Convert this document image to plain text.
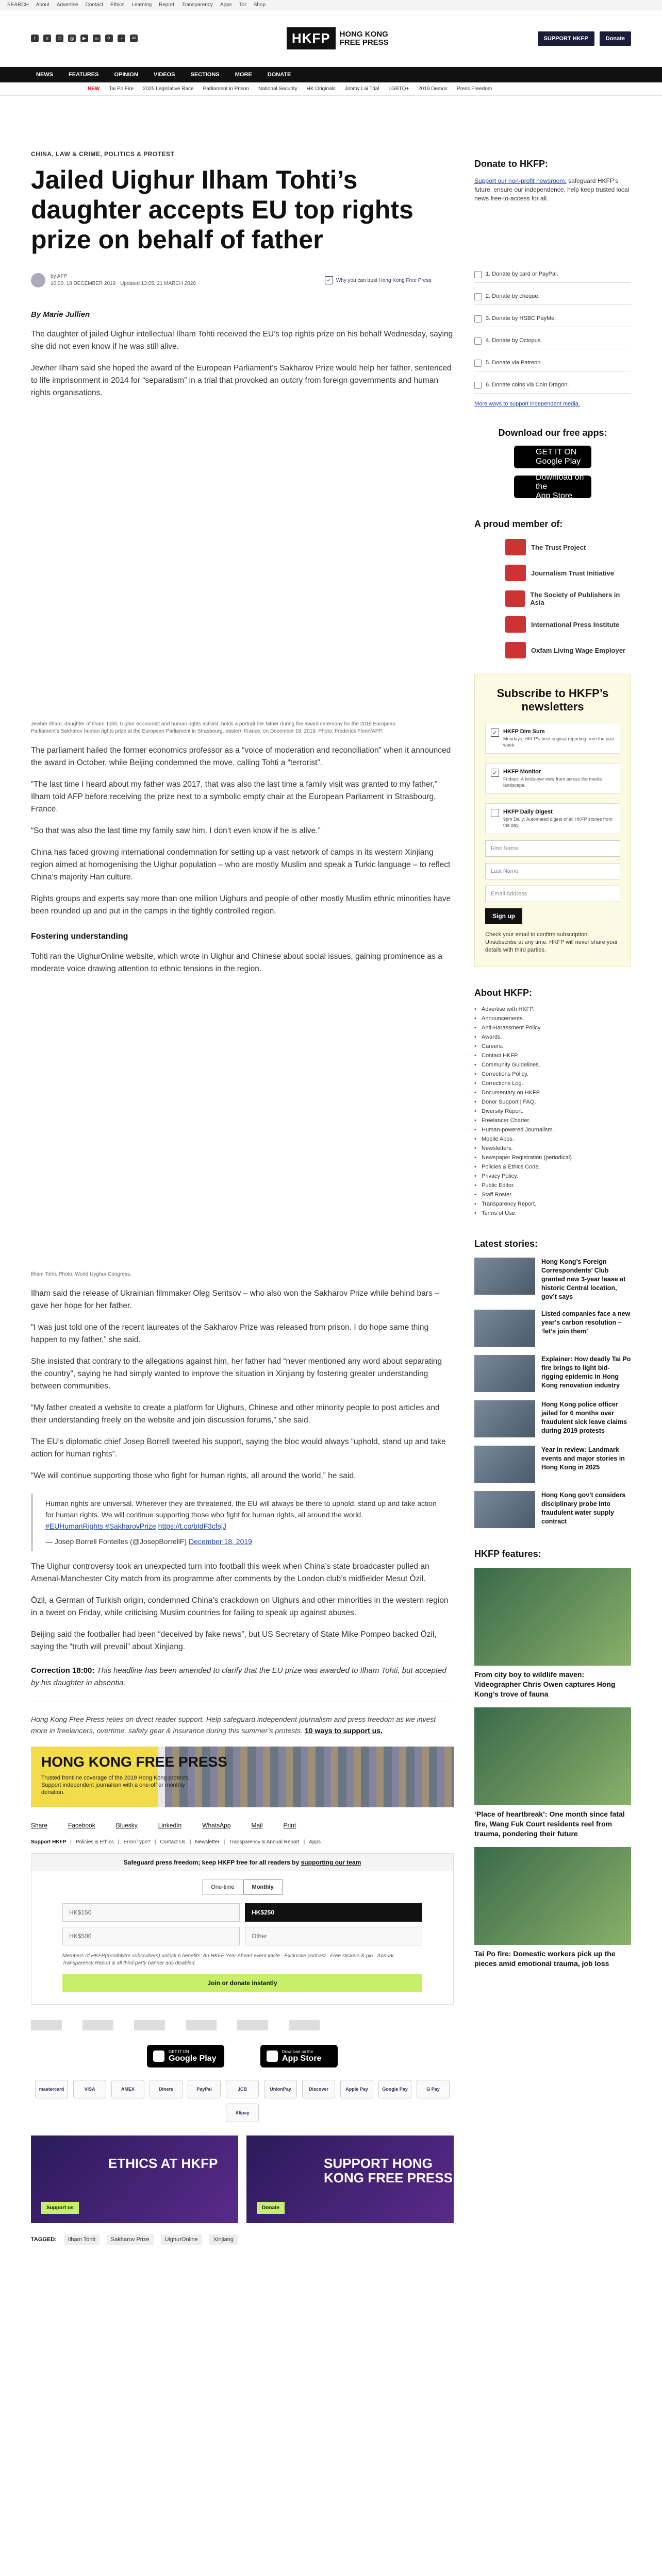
SEARCH About Advertise Contact Ethics Learning Report Transparency Apps Tor Shop
f	X	◎	@	▶	in	✈	◔	✉	HKFP	HONG KONG
FREE PRESS	SUPPORT HKFP	Donate
NEWS	FEATURES	OPINION	VIDEOS	SECTIONS	MORE	DONATE
NEW Tai Po Fire 2025 Legislative Race Parliament in Prison National Security HK Originals Jimmy Lai Trial LGBTQ+ 2019 Demos Press Freedom
CHINA, LAW & CRIME, POLITICS & PROTEST
Jailed Uighur Ilham Tohti’s daughter accepts EU top rights prize on behalf of father
by AFP
10:00, 18 DECEMBER 2019 · Updated 13:05, 21 MARCH 2020
✓ Why you can trust Hong Kong Free Press
By Marie Jullien

The daughter of jailed Uighur intellectual Ilham Tohti received the EU’s top rights prize on his behalf Wednesday, saying she did not even know if he was still alive.

Jewher Ilham said she hoped the award of the European Parliament’s Sakharov Prize would help her father, sentenced to life imprisonment in 2014 for “separatism” in a trial that provoked an outcry from foreign governments and human rights organisations.

Jewher Ilham, daughter of Ilham Tohti, Uighur economist and human rights activist, holds a portrait her father during the award ceremony for the 2019 European Parliament’s Sakharov human rights prize at the European Parliament in Strasbourg, eastern France, on December 18, 2019. Photo: Frederick Florin/AFP.

The parliament hailed the former economics professor as a “voice of moderation and reconciliation” when it announced the award in October, while Beijing condemned the move, calling Tohti a “terrorist”.

“The last time I heard about my father was 2017, that was also the last time a family visit was granted to my father,” Ilham told AFP before receiving the prize next to a symbolic empty chair at the European Parliament in Strasbourg, France.

“So that was also the last time my family saw him. I don’t even know if he is alive.”

China has faced growing international condemnation for setting up a vast network of camps in its western Xinjiang region aimed at homogenising the Uighur population – who are mostly Muslim and speak a Turkic language – to reflect China’s majority Han culture.

Rights groups and experts say more than one million Uighurs and people of other mostly Muslim ethnic minorities have been rounded up and put in the camps in the tightly controlled region.

Fostering understanding

Tohti ran the UighurOnline website, which wrote in Uighur and Chinese about social issues, gaining prominence as a moderate voice drawing attention to ethnic tensions in the region.

Ilham Tohti. Photo: World Uyghur Congress.

Ilham said the release of Ukrainian filmmaker Oleg Sentsov – who also won the Sakharov Prize while behind bars – gave her hope for her father.

“I was just told one of the recent laureates of the Sakharov Prize was released from prison. I do hope same thing happen to my father,” she said.

She insisted that contrary to the allegations against him, her father had “never mentioned any word about separating the country”, saying he had simply wanted to improve the situation in Xinjiang by fostering greater understanding between communities.

“My father created a website to create a platform for Uighurs, Chinese and other minority people to post articles and their understanding freely on the website and join discussion forums,” she said.

The EU’s diplomatic chief Josep Borrell tweeted his support, saying the bloc would always “uphold, stand up and take action for human rights”.

“We will continue supporting those who fight for human rights, all around the world,” he said.

Human rights are universal. Wherever they are threatened, the EU will always be there to uphold, stand up and take action for human rights. We will continue supporting those who fight for human rights, all around the world.

#EUHumanRights #SakharovPrize https://t.co/bIdF3cfsjJ

— Josep Borrell Fontelles (@JosepBorrellF) December 18, 2019

The Uighur controversy took an unexpected turn into football this week when China’s state broadcaster pulled an Arsenal-Manchester City match from its programme after comments by the London club’s midfielder Mesut Özil.

Özil, a German of Turkish origin, condemned China’s crackdown on Uighurs and other minorities in the western region in a tweet on Friday, while criticising Muslim countries for failing to speak up against abuses.

Beijing said the footballer had been “deceived by fake news”, but US Secretary of State Mike Pompeo backed Özil, saying the “truth will prevail” about Xinjiang.

Correction 18:00: This headline has been amended to clarify that the EU prize was awarded to Ilham Tohti, but accepted by his daughter in absentia.

Hong Kong Free Press relies on direct reader support. Help safeguard independent journalism and press freedom as we invest more in freelancers, overtime, safety gear & insurance during this summer’s protests. 10 ways to support us.

HONG KONG FREE PRESS
Trusted frontline coverage of the 2019 Hong Kong protests. Support independent journalism with a one-off or monthly donation.
Share	Facebook	Bluesky	LinkedIn	WhatsApp	Mail	Print
Support HKFP | Policies & Ethics | Error/Typo? | Contact Us | Newsletter | Transparency & Annual Report | Apps
Safeguard press freedom; keep HKFP free for all readers by supporting our team
One-time	Monthly
HK$150	HK$250
HK$500	Other
Members of HKFP(monthly/or subscribers) unlock 6 benefits: An HKFP Year Ahead event invite · Exclusive podcast · Free stickers & pin · Annual Transparency Report & all third-party banner ads disabled.
Join or donate instantly
GET IT ON
Google Play
Download on the
App Store
mastercard	VISA	AMEX	Diners	PayPal	JCB	UnionPay	Discover	Apple Pay	Google Pay	G Pay
Alipay
ETHICS AT HKFP
Support us
SUPPORT HONG KONG FREE PRESS
Donate
TAGGED:	Ilham Tohti	Sakharov Prize	UighurOnline	Xinjiang
Donate to HKFP:

Support our non-profit newsroom: safeguard HKFP’s future, ensure our independence, help keep trusted local news free-to-access for all.

1. Donate by card or PayPal.
2. Donate by cheque.
3. Donate by HSBC PayMe.
4. Donate by Octopus.
5. Donate via Patreon.
6. Donate coins via Coin Dragon.
More ways to support independent media.
Download our free apps:
GET IT ON
Google Play
Download on the
App Store
A proud member of:
The Trust Project
Journalism Trust Initiative
The Society of Publishers in Asia
International Press Institute
Oxfam Living Wage Employer
Subscribe to HKFP’s newsletters
✓	HKFP Dim Sum
Mondays: HKFP’s best original reporting from the past week.
✓	HKFP Monitor
Fridays: A birds-eye view from across the media landscape.
HKFP Daily Digest
9pm Daily: Automated digest of all HKFP stories from the day.
First Name
Last Name
Email Address
Sign up

Check your email to confirm subscription. Unsubscribe at any time. HKFP will never share your details with third parties.

About HKFP:
• Advertise with HKFP.
• Announcements.
• Anti-Harassment Policy.
• Awards.
• Careers.
• Contact HKFP.
• Community Guidelines.
• Corrections Policy.
• Corrections Log.
• Documentary on HKFP.
• Donor Support | FAQ.
• Diversity Report.
• Freelancer Charter.
• Human-powered Journalism.
• Mobile Apps.
• Newsletters.
• Newspaper Registration (periodical).
• Policies & Ethics Code.
• Privacy Policy.
• Public Editor.
• Staff Roster.
• Transparency Report.
• Terms of Use.
Latest stories:
Hong Kong’s Foreign Correspondents’ Club granted new 3-year lease at historic Central location, gov’t says
Listed companies face a new year’s carbon resolution – ‘let’s join them’
Explainer: How deadly Tai Po fire brings to light bid-rigging epidemic in Hong Kong renovation industry
Hong Kong police officer jailed for 6 months over fraudulent sick leave claims during 2019 protests
Year in review: Landmark events and major stories in Hong Kong in 2025
Hong Kong gov’t considers disciplinary probe into fraudulent water supply contract
HKFP features:
From city boy to wildlife maven: Videographer Chris Owen captures Hong Kong’s trove of fauna
‘Place of heartbreak’: One month since fatal fire, Wang Fuk Court residents reel from trauma, pondering their future
Tai Po fire: Domestic workers pick up the pieces amid emotional trauma, job loss
